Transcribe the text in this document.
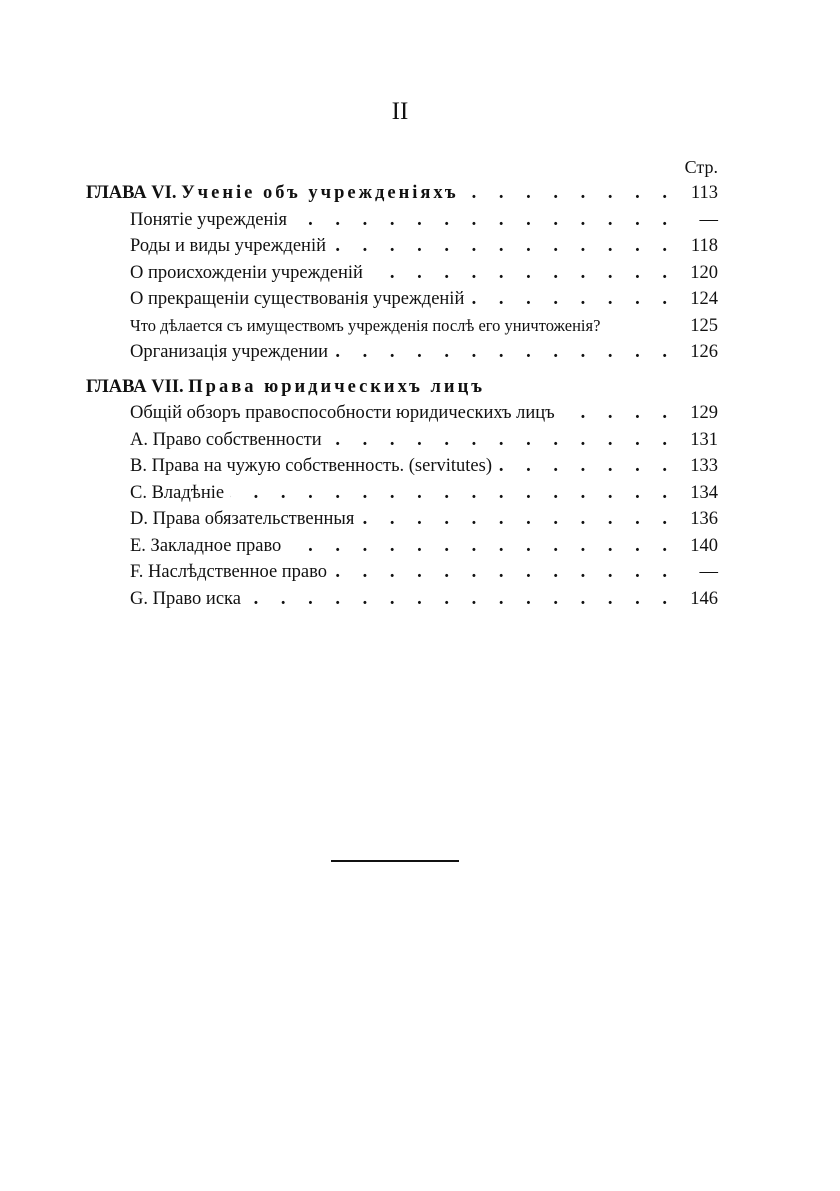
II
Стр.
ГЛАВА VI. Ученіе объ учрежденіяхъ . . .	113
Понятіе учрежденія . . .	—
Роды и виды учрежденій . . .	118
О происхожденіи учрежденій . . .	120
О прекращеніи существованія учрежденій . . .	124
Что дѣлается съ имуществомъ учрежденія послѣ его уничтоженія?	125
Организація учреждении . . .	126
ГЛАВА VII. Права юридическихъ лицъ
Общій обзоръ правоспособности юридическихъ лицъ . . .	129
A. Право собственности . . .	131
B. Права на чужую собственность. (servitutes) . . .	133
C. Владѣніе . . .	134
D. Права обязательственныя . . .	136
E. Закладное право . . .	140
F. Наслѣдственное право . . .	—
G. Право иска . . .	146
